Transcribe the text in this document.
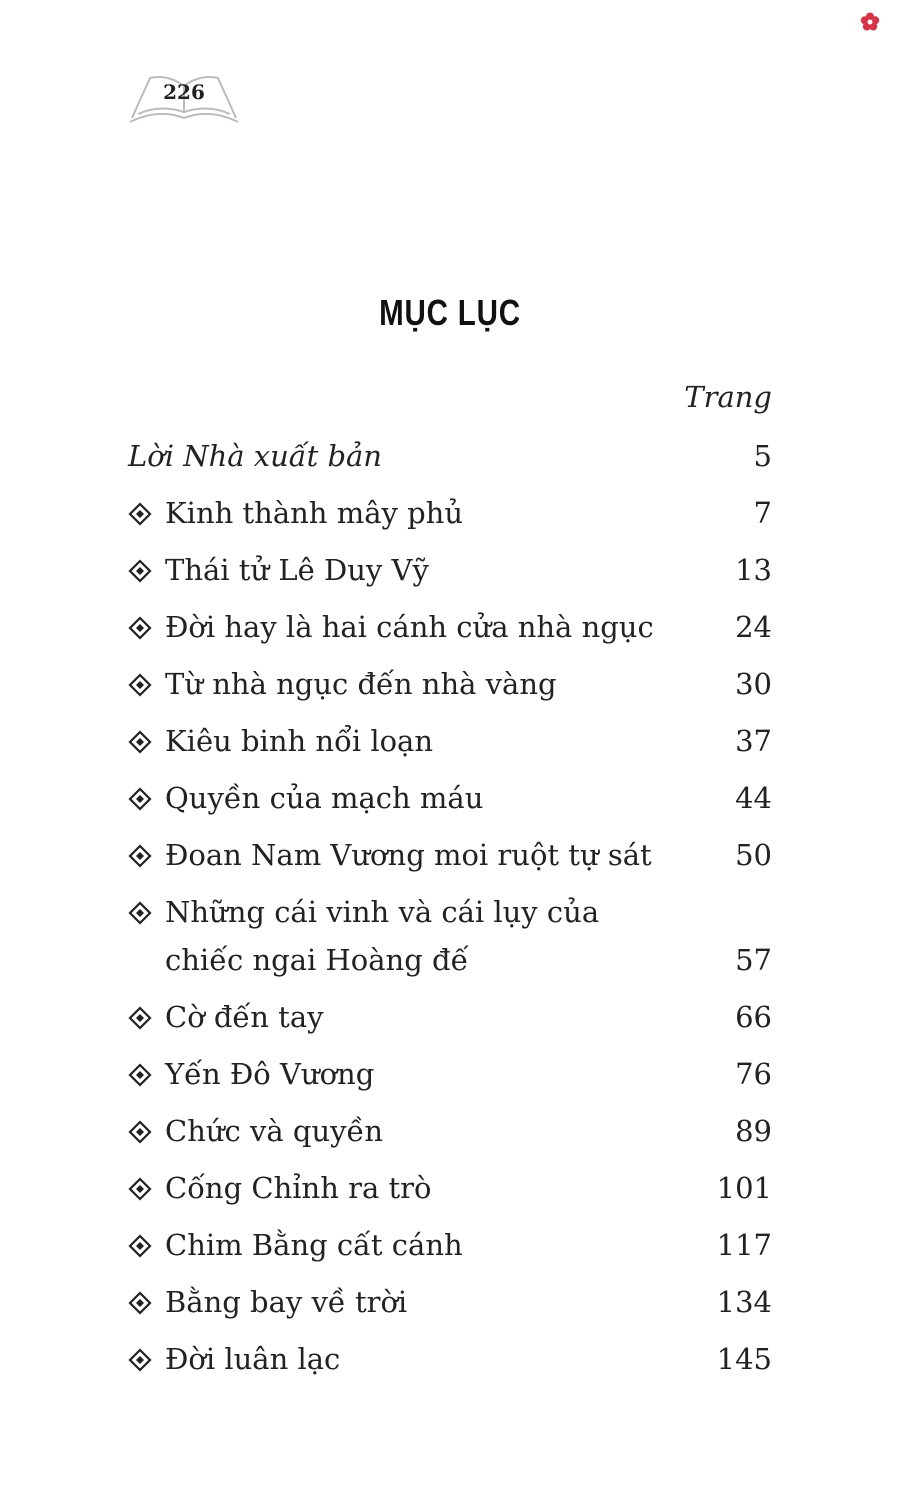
226
MỤC LỤC
Trang
Lời Nhà xuất bản	5
Kinh thành mây phủ	7
Thái tử Lê Duy Vỹ	13
Đời hay là hai cánh cửa nhà ngục	24
Từ nhà ngục đến nhà vàng	30
Kiêu binh nổi loạn	37
Quyền của mạch máu	44
Đoan Nam Vương moi ruột tự sát	50
Những cái vinh và cái lụy của chiếc ngai Hoàng đế	57
Cờ đến tay	66
Yến Đô Vương	76
Chức và quyền	89
Cống Chỉnh ra trò	101
Chim Bằng cất cánh	117
Bằng bay về trời	134
Đời luân lạc	145
